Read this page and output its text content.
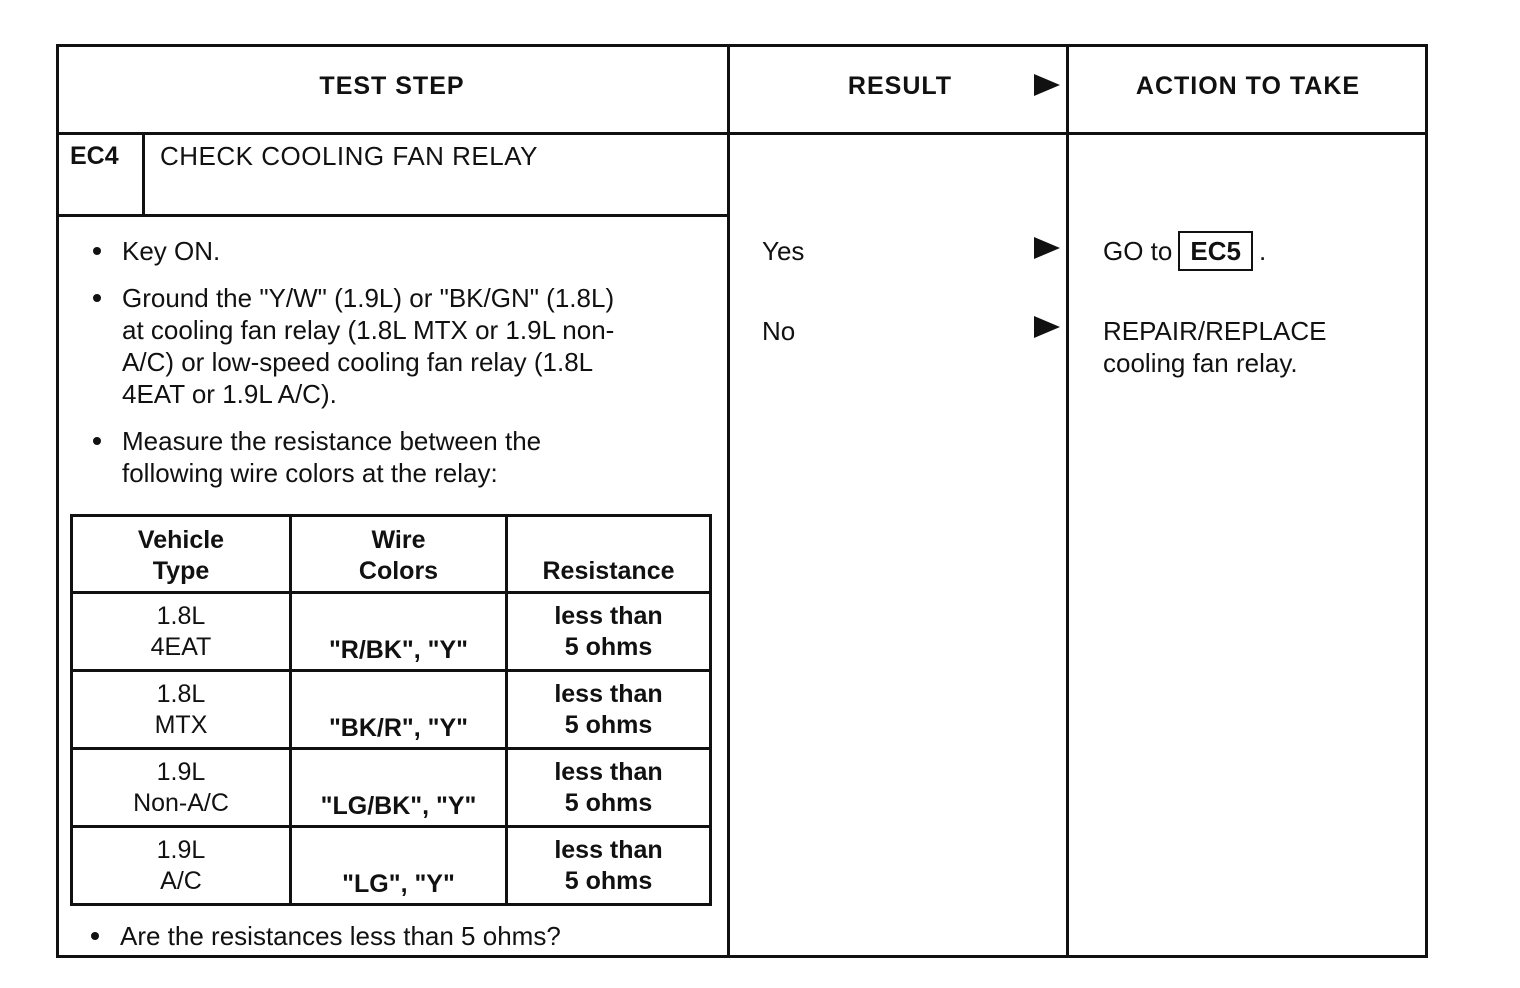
TEST STEP	RESULT	ACTION TO TAKE
EC4 CHECK COOLING FAN RELAY
Key ON.
Ground the "Y/W" (1.9L) or "BK/GN" (1.8L)
at cooling fan relay (1.8L MTX or 1.9L non-
A/C) or low-speed cooling fan relay (1.8L
4EAT or 1.9L A/C).
Measure the resistance between the
following wire colors at the relay:
Vehicle
Type	Wire
Colors	Resistance

1.8L
4EAT	"R/BK", "Y"	less than
5 ohms

1.8L
MTX	"BK/R", "Y"	less than
5 ohms

1.9L
Non-A/C	"LG/BK", "Y"	less than
5 ohms

1.9L
A/C	"LG", "Y"	less than
5 ohms
Are the resistances less than 5 ohms?
Yes	GO to EC5 .
No	REPAIR/REPLACE
cooling fan relay.
